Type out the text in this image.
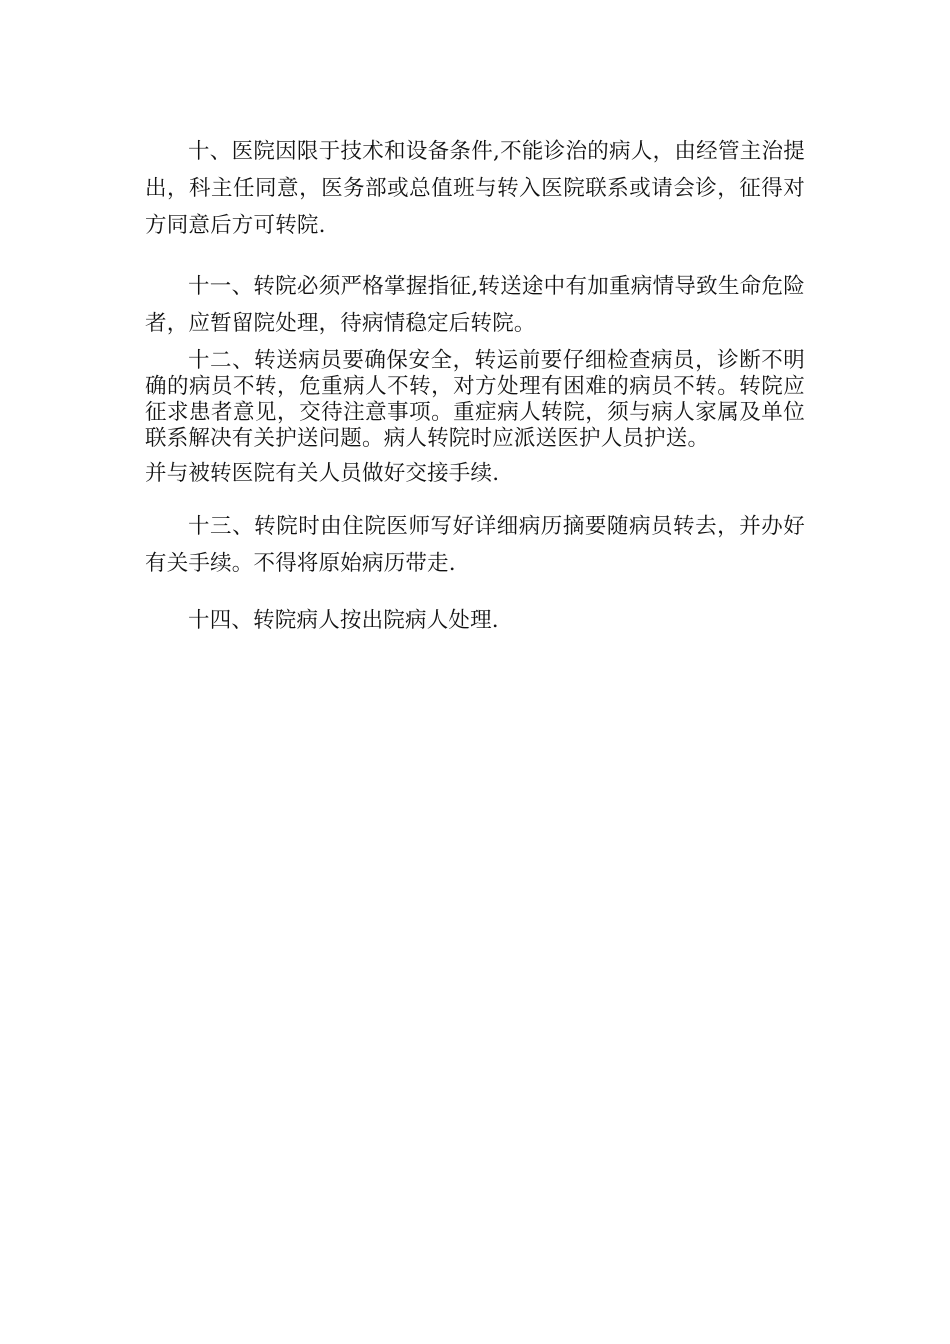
十、医院因限于技术和设备条件,不能诊治的病人，由经管主治提出，科主任同意，医务部或总值班与转入医院联系或请会诊，征得对方同意后方可转院.

十一、转院必须严格掌握指征,转送途中有加重病情导致生命危险者，应暂留院处理，待病情稳定后转院。

十二、转送病员要确保安全，转运前要仔细检查病员，诊断不明确的病员不转，危重病人不转，对方处理有困难的病员不转。转院应征求患者意见，交待注意事项。重症病人转院，须与病人家属及单位联系解决有关护送问题。病人转院时应派送医护人员护送。

并与被转医院有关人员做好交接手续.

十三、转院时由住院医师写好详细病历摘要随病员转去，并办好有关手续。不得将原始病历带走.

十四、转院病人按出院病人处理.
